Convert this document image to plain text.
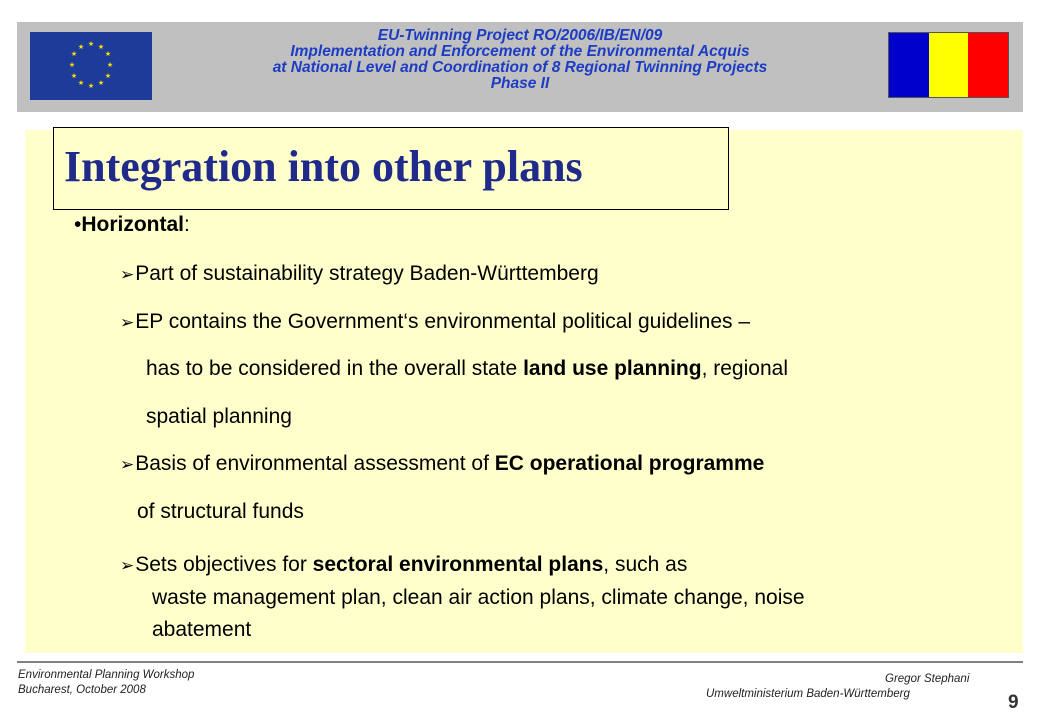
★ ★
★
★
★
★
★
★
★
★
★
★
EU-Twinning Project RO/2006/IB/EN/09
Implementation and Enforcement of the Environmental Acquis
at National Level and Coordination of 8 Regional Twinning Projects
Phase II
Integration into other plans
•Horizontal:
➢Part of sustainability strategy Baden-Württemberg
➢EP contains the Government‘s environmental political guidelines –
has to be considered in the overall state land use planning, regional
spatial planning
➢Basis of environmental assessment of EC operational programme
of structural funds
➢Sets objectives for sectoral environmental plans, such as
waste management plan, clean air action plans, climate change, noise
abatement
Environmental Planning Workshop
Bucharest, October 2008
Gregor Stephani
Umweltministerium Baden-Württemberg	9
